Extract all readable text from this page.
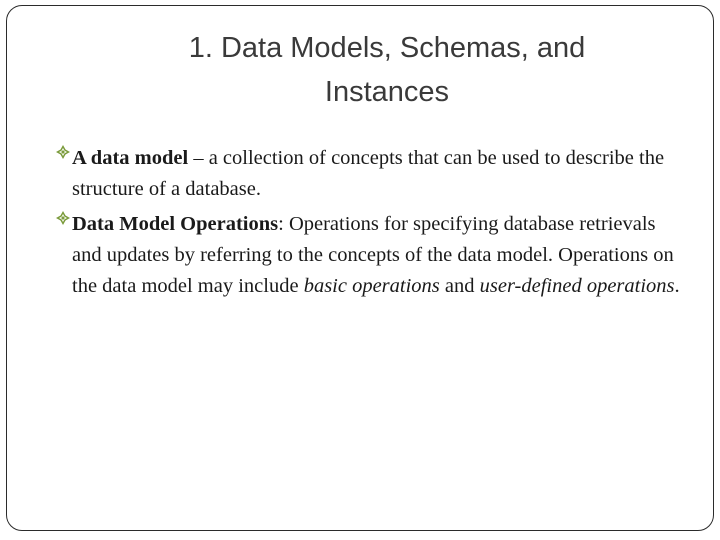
1. Data Models, Schemas, and
Instances
A data model – a collection of concepts that can be used to describe the structure of a database.
Data Model Operations: Operations for specifying database retrievals and updates by referring to the concepts of the data model. Operations on the data model may include basic operations and user-defined operations.
